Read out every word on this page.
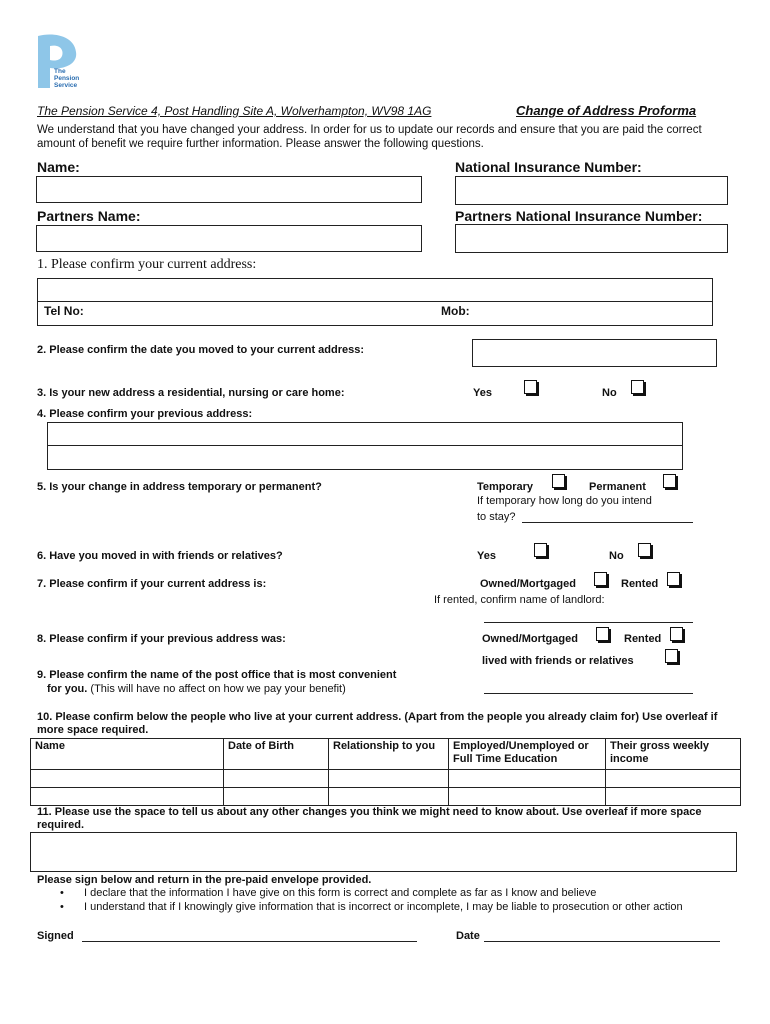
The
Pension
Service
The Pension Service 4, Post Handling Site A, Wolverhampton, WV98 1AG	Change of Address Proforma
We understand that you have changed your address. In order for us to update our records and ensure that you are paid the correct amount of benefit we require further information. Please answer the following questions.
Name:	National Insurance Number:
Partners Name:	Partners National Insurance Number:
1. Please confirm your current address:
Tel No:	Mob:
2. Please confirm the date you moved to your current address:
3. Is your new address a residential, nursing or care home:	Yes	No
4. Please confirm your previous address:
5. Is your change in address temporary or permanent?	Temporary	Permanent
If temporary how long do you intend
to stay?
6. Have you moved in with friends or relatives?	Yes	No
7. Please confirm if your current address is:	Owned/Mortgaged	Rented
If rented, confirm name of landlord:
8. Please confirm if your previous address was:	Owned/Mortgaged	Rented
lived with friends or relatives
9. Please confirm the name of the post office that is most convenient
for you. (This will have no affect on how we pay your benefit)
10. Please confirm below the people who live at your current address. (Apart from the people you already claim for) Use overleaf if more space required.
Name	Date of Birth	Relationship to you	Employed/Unemployed or Full Time Education	Their gross weekly income

11. Please use the space to tell us about any other changes you think we might need to know about. Use overleaf if more space required.
Please sign below and return in the pre-paid envelope provided.
•	I declare that the information I have give on this form is correct and complete as far as I know and believe
•	I understand that if I knowingly give information that is incorrect or incomplete, I may be liable to prosecution or other action
Signed	Date
